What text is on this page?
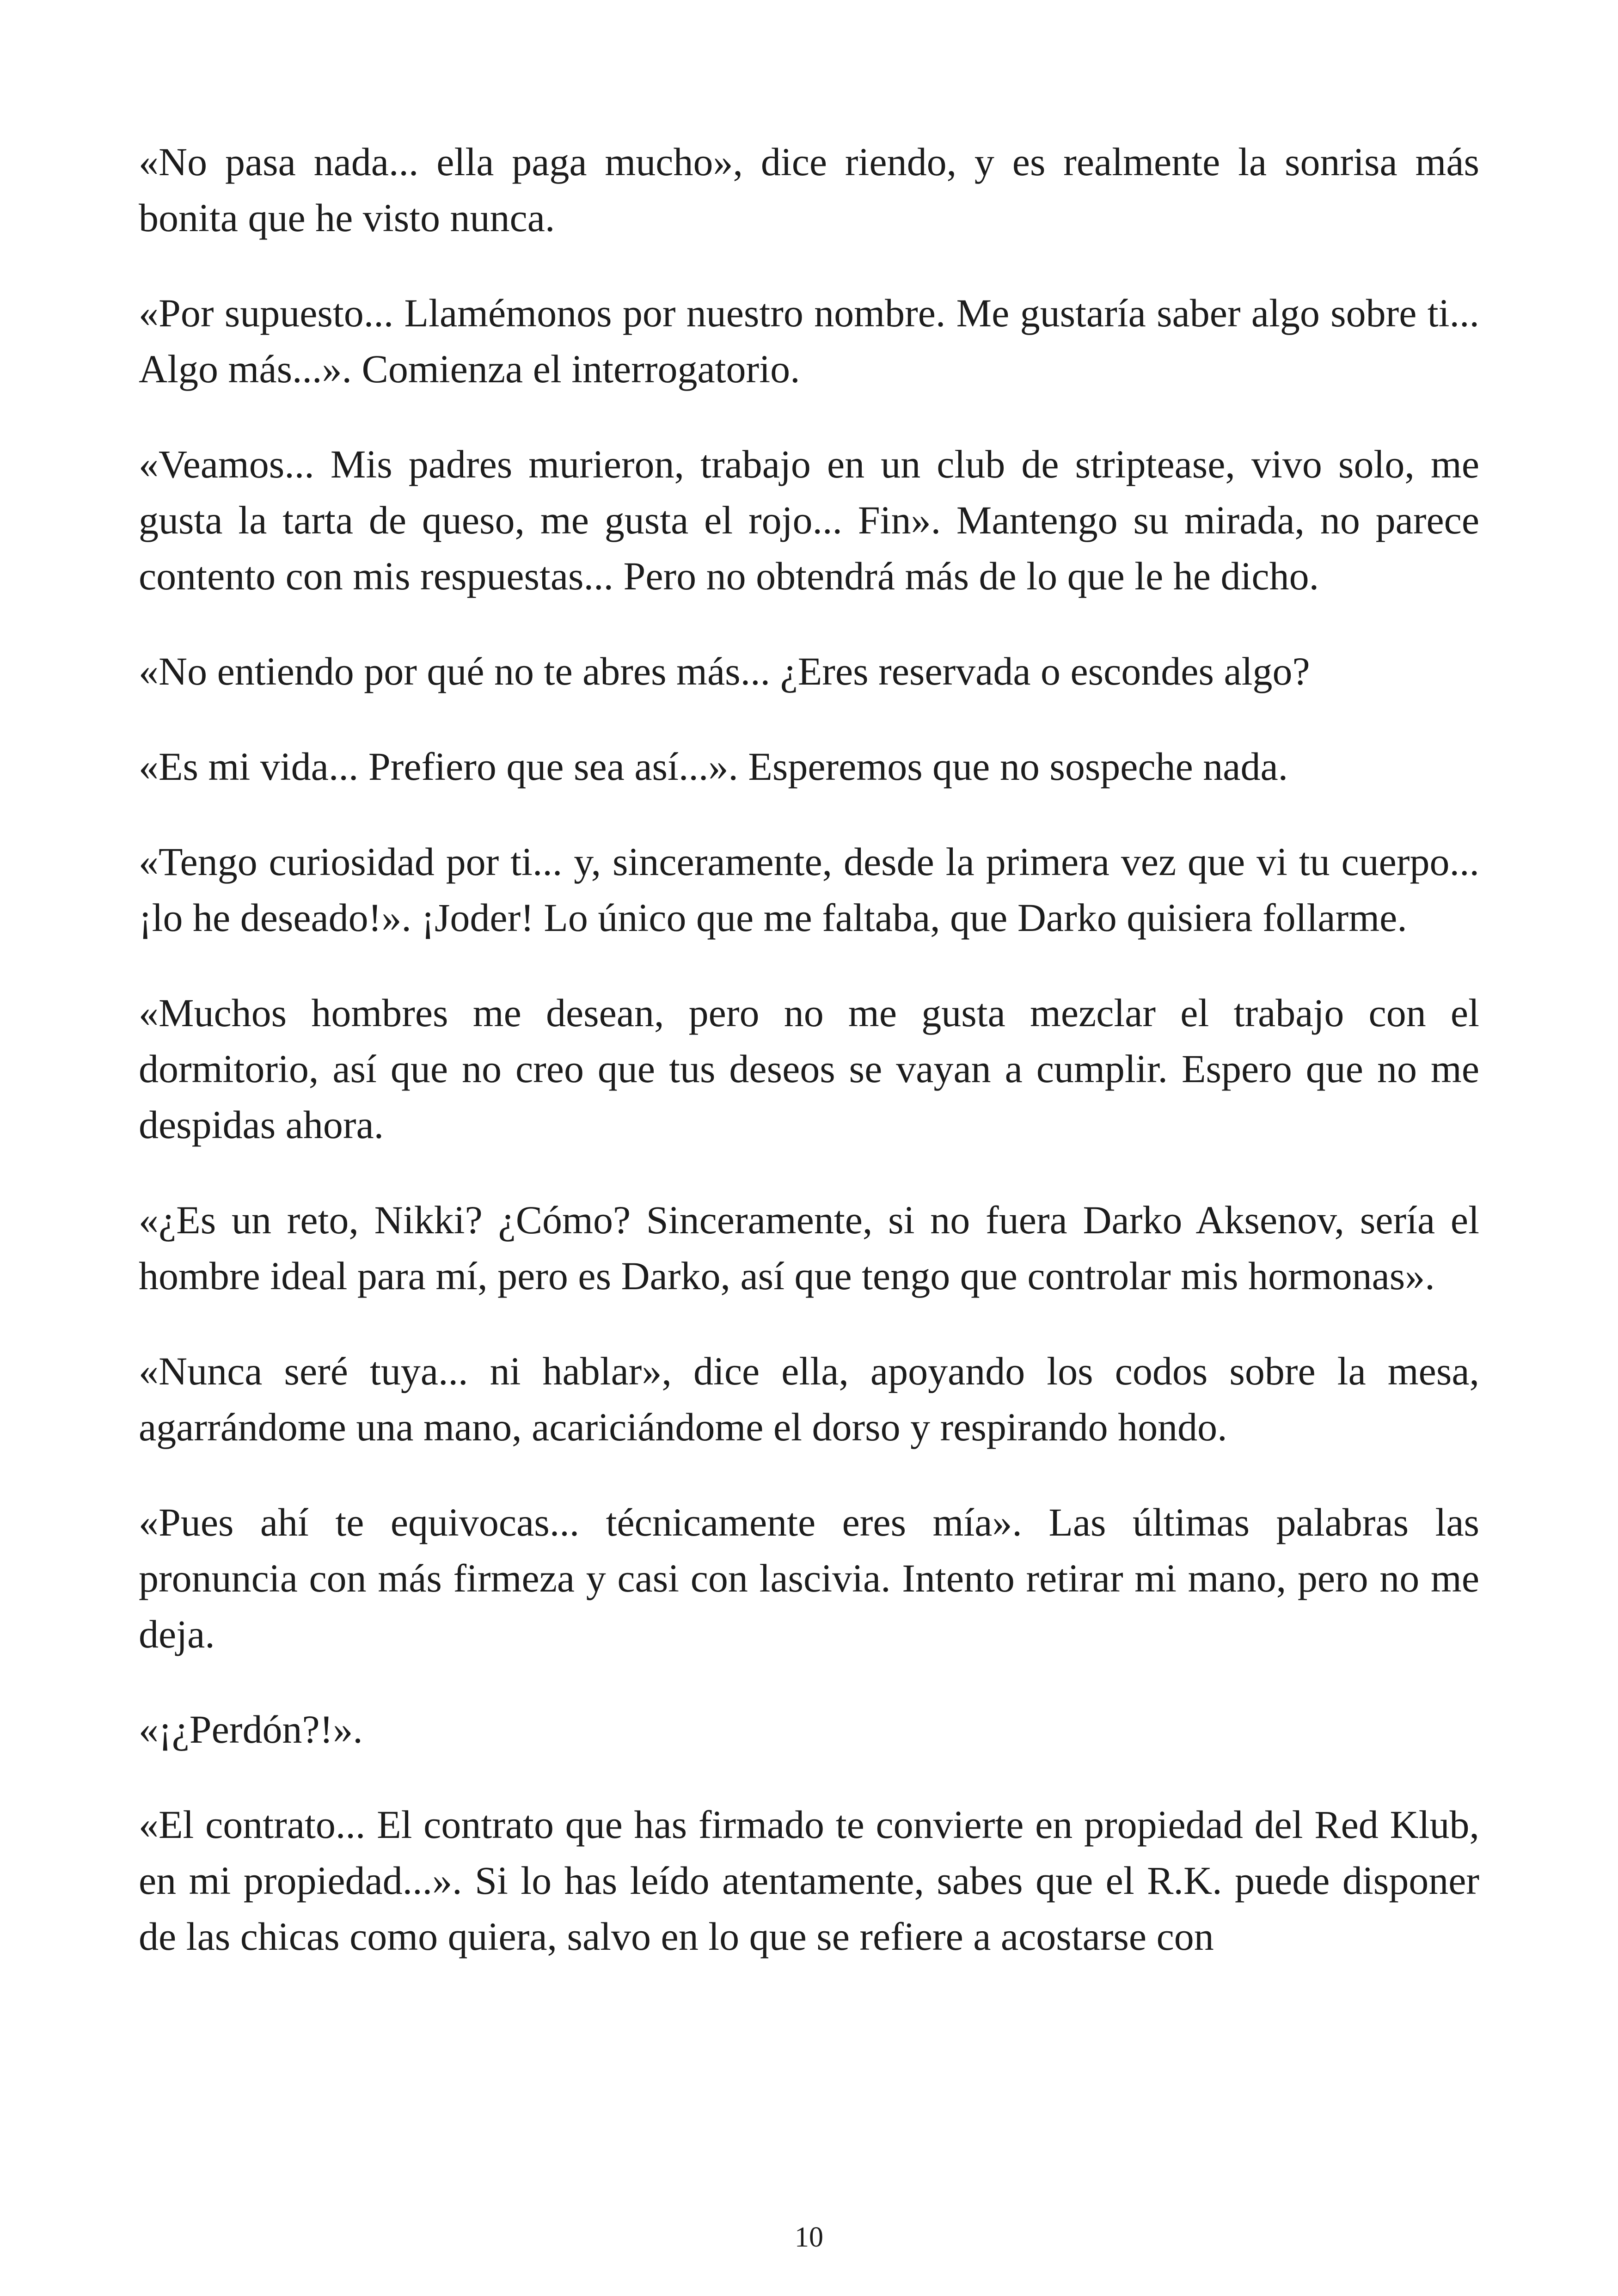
«No pasa nada... ella paga mucho», dice riendo, y es realmente la sonrisa más bonita que he visto nunca.

«Por supuesto... Llamémonos por nuestro nombre. Me gustaría saber algo sobre ti... Algo más...». Comienza el interrogatorio.

«Veamos... Mis padres murieron, trabajo en un club de striptease, vivo solo, me gusta la tarta de queso, me gusta el rojo... Fin». Mantengo su mirada, no parece contento con mis respuestas... Pero no obtendrá más de lo que le he dicho.

«No entiendo por qué no te abres más... ¿Eres reservada o escondes algo?

«Es mi vida... Prefiero que sea así...». Esperemos que no sospeche nada.

«Tengo curiosidad por ti... y, sinceramente, desde la primera vez que vi tu cuerpo... ¡lo he deseado!». ¡Joder! Lo único que me faltaba, que Darko quisiera follarme.

«Muchos hombres me desean, pero no me gusta mezclar el trabajo con el dormitorio, así que no creo que tus deseos se vayan a cumplir. Espero que no me despidas ahora.

«¿Es un reto, Nikki? ¿Cómo? Sinceramente, si no fuera Darko Aksenov, sería el hombre ideal para mí, pero es Darko, así que tengo que controlar mis hormonas».

«Nunca seré tuya... ni hablar», dice ella, apoyando los codos sobre la mesa, agarrándome una mano, acariciándome el dorso y respirando hondo.

«Pues ahí te equivocas... técnicamente eres mía». Las últimas palabras las pronuncia con más firmeza y casi con lascivia. Intento retirar mi mano, pero no me deja.

«¡¿Perdón?!».

«El contrato... El contrato que has firmado te convierte en propiedad del Red Klub, en mi propiedad...». Si lo has leído atentamente, sabes que el R.K. puede disponer de las chicas como quiera, salvo en lo que se refiere a acostarse con

10
